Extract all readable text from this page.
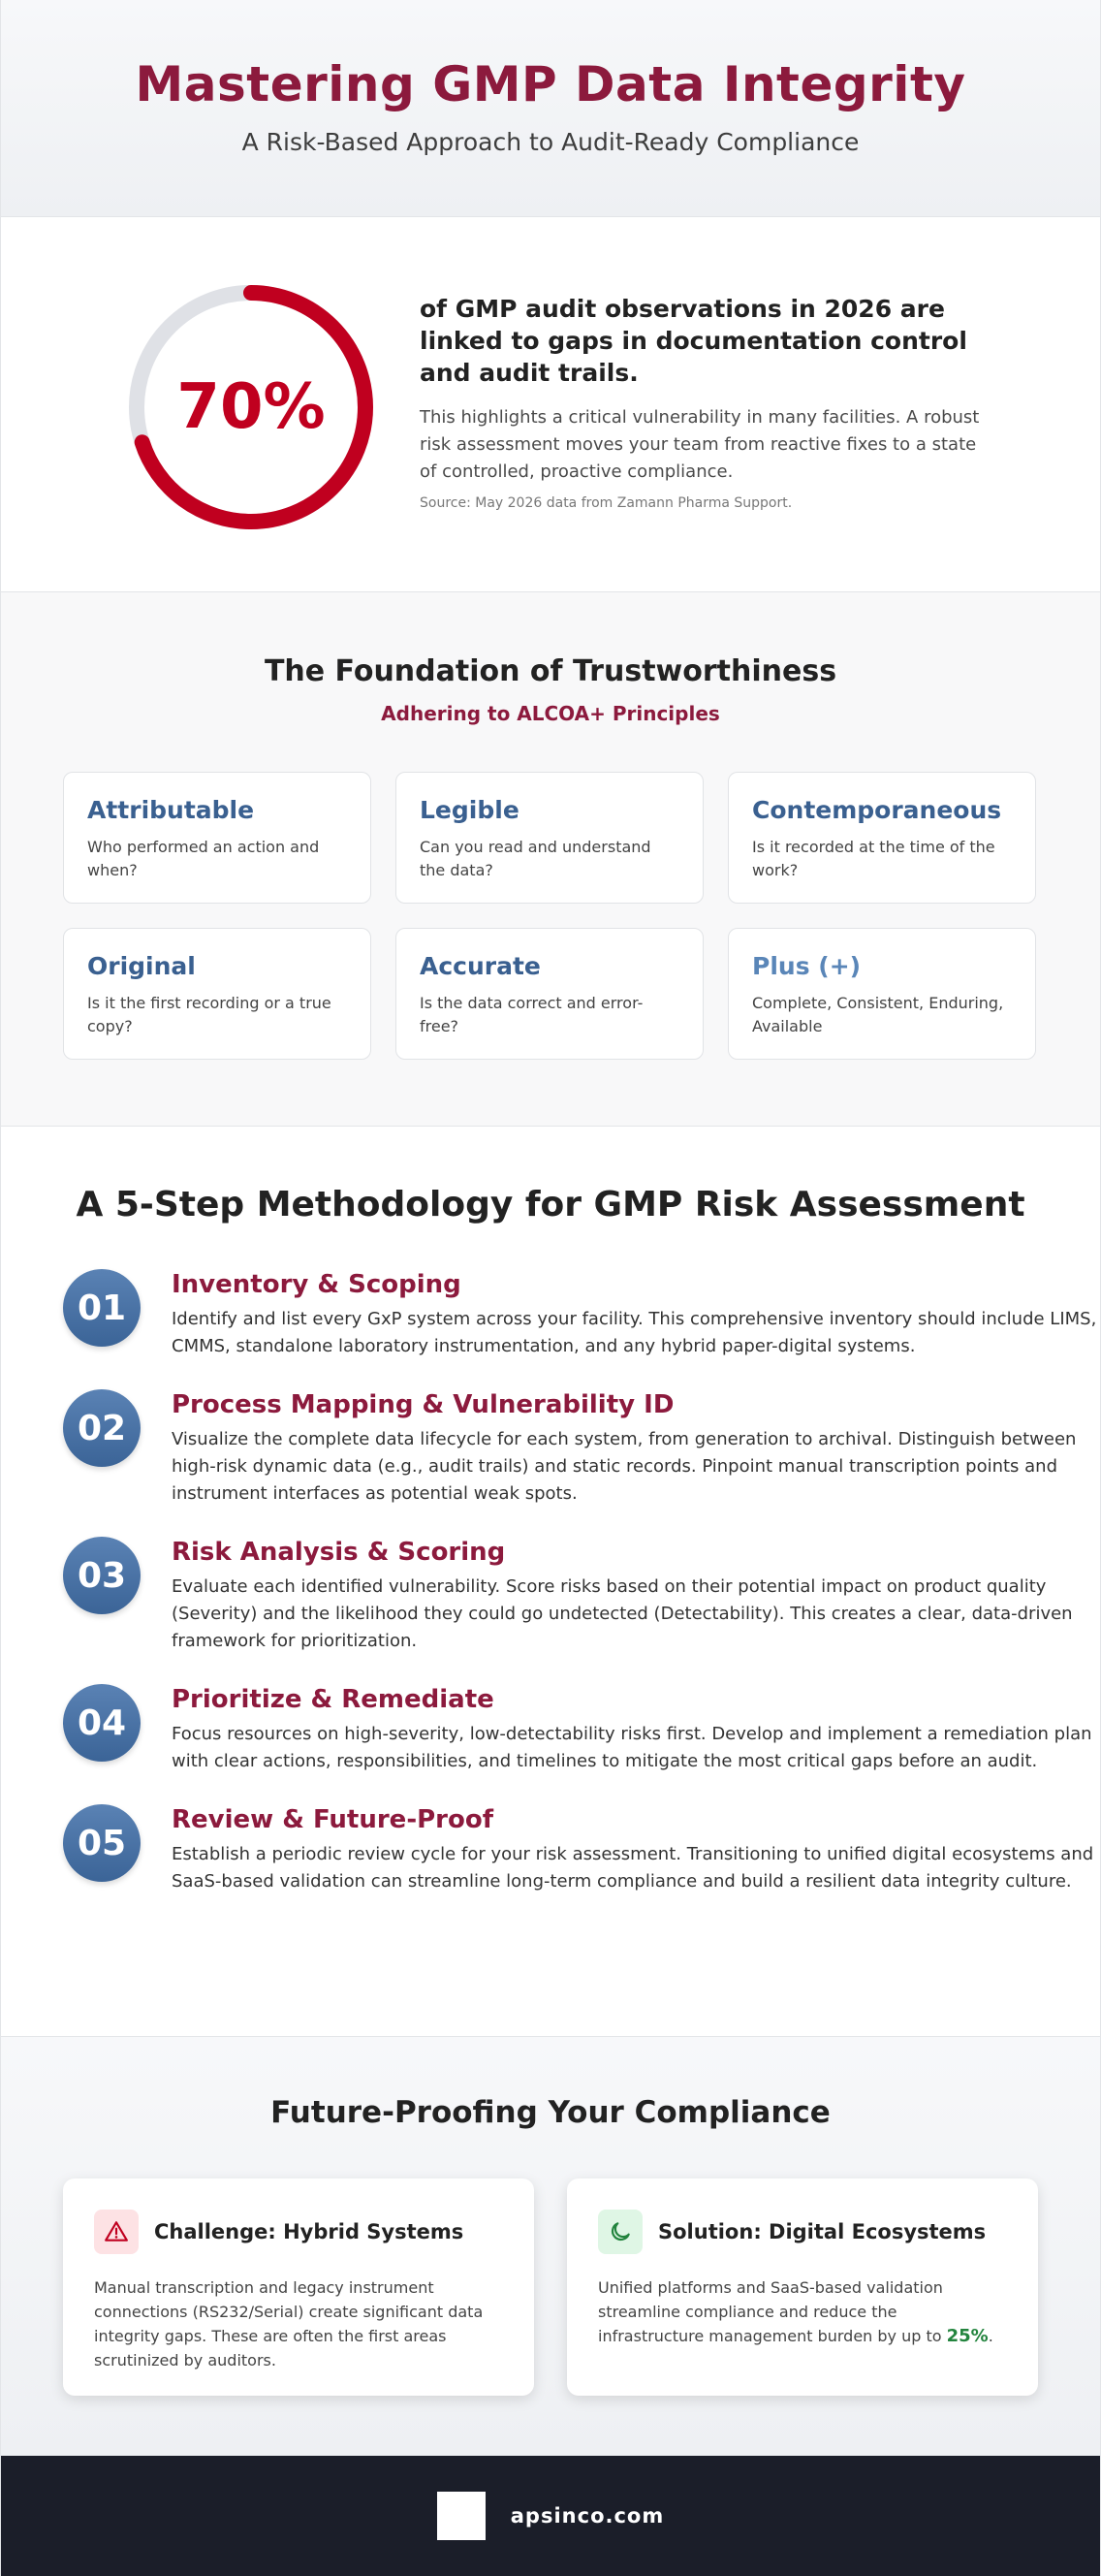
Mastering GMP Data Integrity
A Risk-Based Approach to Audit-Ready Compliance
70%
of GMP audit observations in 2026 are linked to gaps in documentation control and audit trails.
This highlights a critical vulnerability in many facilities. A robust risk assessment moves your team from reactive fixes to a state of controlled, proactive compliance.
Source: May 2026 data from Zamann Pharma Support.
The Foundation of Trustworthiness
Adhering to ALCOA+ Principles
Attributable
Who performed an action and when?
Legible
Can you read and understand the data?
Contemporaneous
Is it recorded at the time of the work?
Original
Is it the first recording or a true copy?
Accurate
Is the data correct and error-free?
Plus (+)
Complete, Consistent, Enduring, Available
A 5-Step Methodology for GMP Risk Assessment
01
Inventory & Scoping
Identify and list every GxP system across your facility. This comprehensive inventory should include LIMS, CMMS, standalone laboratory instrumentation, and any hybrid paper-digital systems.
02
Process Mapping & Vulnerability ID
Visualize the complete data lifecycle for each system, from generation to archival. Distinguish between high-risk dynamic data (e.g., audit trails) and static records. Pinpoint manual transcription points and instrument interfaces as potential weak spots.
03
Risk Analysis & Scoring
Evaluate each identified vulnerability. Score risks based on their potential impact on product quality (Severity) and the likelihood they could go undetected (Detectability). This creates a clear, data-driven framework for prioritization.
04
Prioritize & Remediate
Focus resources on high-severity, low-detectability risks first. Develop and implement a remediation plan with clear actions, responsibilities, and timelines to mitigate the most critical gaps before an audit.
05
Review & Future-Proof
Establish a periodic review cycle for your risk assessment. Transitioning to unified digital ecosystems and SaaS-based validation can streamline long-term compliance and build a resilient data integrity culture.
Future-Proofing Your Compliance
Challenge: Hybrid Systems
Manual transcription and legacy instrument connections (RS232/Serial) create significant data integrity gaps. These are often the first areas scrutinized by auditors.
Solution: Digital Ecosystems
Unified platforms and SaaS-based validation streamline compliance and reduce the infrastructure management burden by up to 25%.
apsinco.com
